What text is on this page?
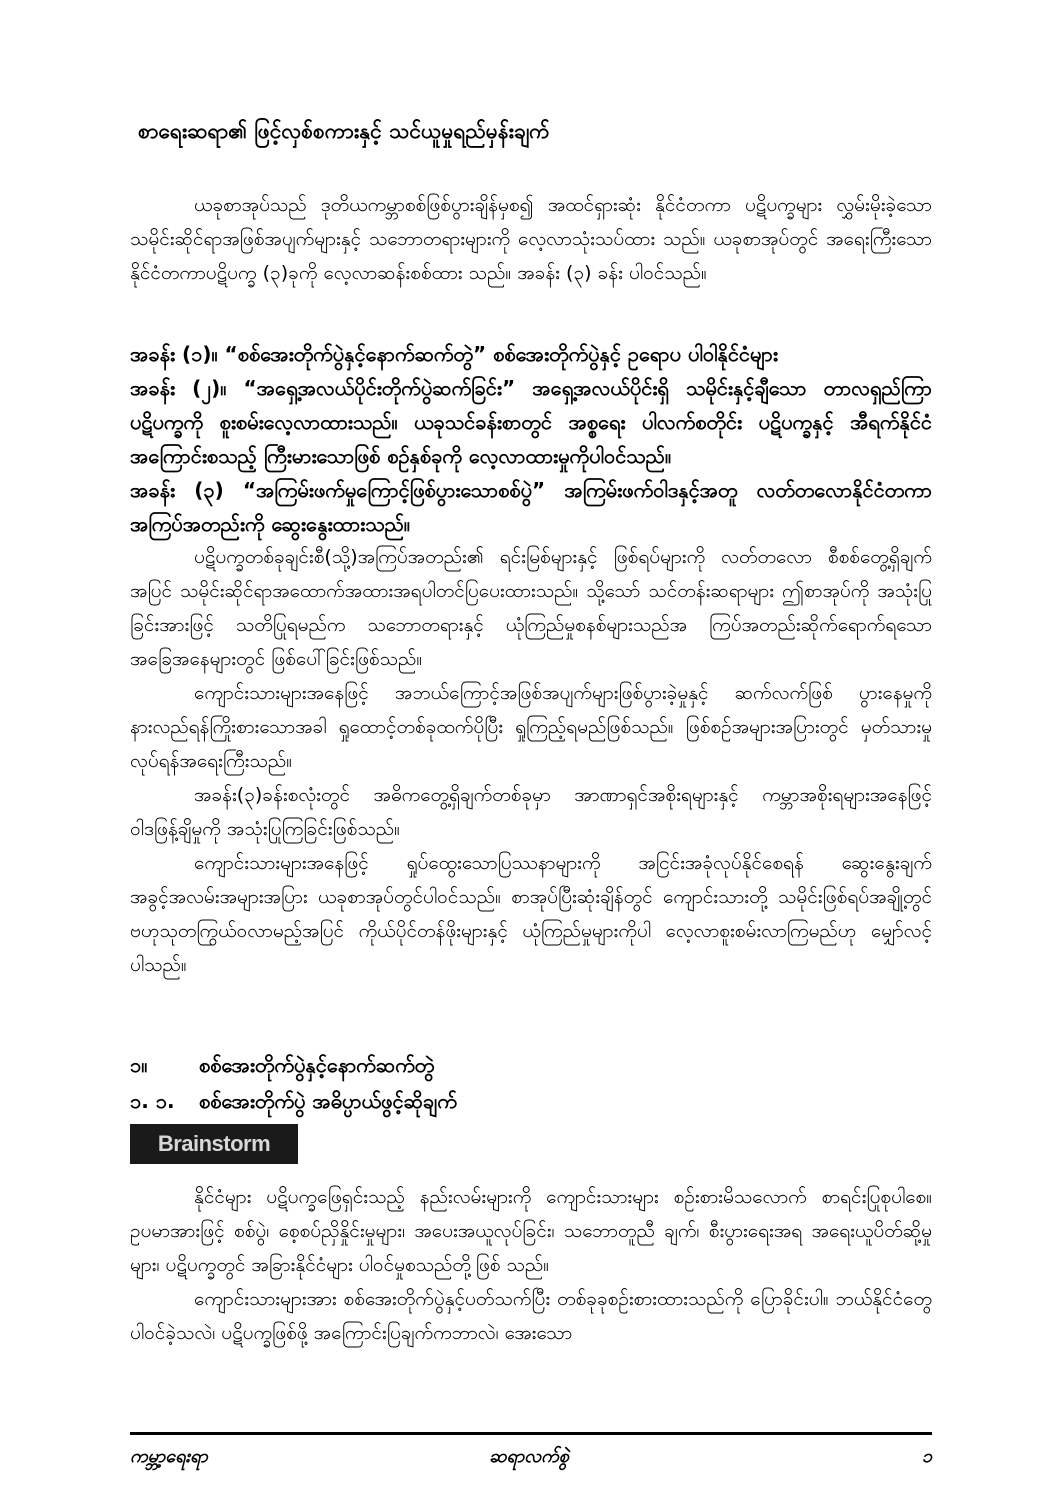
စာရေးဆရာ၏ ဖြင့်လှစ်စကားနှင့် သင်ယူမှုရည်မှန်းချက်

ယခုစာအုပ်သည် ဒုတိယကမ္ဘာစစ်ဖြစ်ပွားချိန်မှစ၍ အထင်ရှားဆုံး နိုင်ငံတကာ ပဋိပက္ခများ လွှမ်းမိုးခဲ့သော သမိုင်းဆိုင်ရာအဖြစ်အပျက်များနှင့် သဘောတရားများကို လေ့လာသုံးသပ်ထား သည်။ ယခုစာအုပ်တွင် အရေးကြီးသော နိုင်ငံတကာပဋိပက္ခ (၃)ခုကို လေ့လာဆန်းစစ်ထား သည်။ အခန်း (၃) ခန်း ပါဝင်သည်။

အခန်း (၁)။ “စစ်အေးတိုက်ပွဲနှင့်နောက်ဆက်တွဲ” စစ်အေးတိုက်ပွဲနှင့် ဥရောပ ပါဝါနိုင်ငံများ

အခန်း (၂)။ “အရှေ့အလယ်ပိုင်းတိုက်ပွဲဆက်ခြင်း” အရှေ့အလယ်ပိုင်းရှိ သမိုင်းနှင့်ချီသော တာလရှည်ကြာ ပဋိပက္ခကို စူးစမ်းလေ့လာထားသည်။ ယခုသင်ခန်းစာတွင် အစ္စရေး ပါလက်စတိုင်း ပဋိပက္ခနှင့် အီရက်နိုင်ငံအကြောင်းစသည့် ကြီးမားသောဖြစ် စဉ်နှစ်ခုကို လေ့လာထားမှုကိုပါဝင်သည်။

အခန်း (၃) “အကြမ်းဖက်မှုကြောင့်ဖြစ်ပွားသောစစ်ပွဲ” အကြမ်းဖက်ဝါဒနှင့်အတူ လတ်တလောနိုင်ငံတကာ အကြပ်အတည်းကို ဆွေးနွေးထားသည်။

ပဋိပက္ခတစ်ခုချင်းစီ(သို့)အကြပ်အတည်း၏ ရင်းမြစ်များနှင့် ဖြစ်ရပ်များကို လတ်တလော စီစစ်တွေ့ရှိချက်အပြင် သမိုင်းဆိုင်ရာအထောက်အထားအရပါတင်ပြပေးထားသည်။ သို့သော် သင်တန်းဆရာများ ဤစာအုပ်ကို အသုံးပြုခြင်းအားဖြင့် သတိပြုရမည်က သဘောတရားနှင့် ယုံကြည်မှုစနစ်များသည်အ ကြပ်အတည်းဆိုက်ရောက်ရသော အခြေအနေများတွင် ဖြစ်ပေါ်ခြင်းဖြစ်သည်။

ကျောင်းသားများအနေဖြင့် အဘယ်ကြောင့်အဖြစ်အပျက်များဖြစ်ပွားခဲ့မှုနှင့် ဆက်လက်ဖြစ် ပွားနေမှုကို နားလည်ရန်ကြိုးစားသောအခါ ရှုထောင့်တစ်ခုထက်ပိုပြီး ရှုကြည့်ရမည်ဖြစ်သည်။ ဖြစ်စဉ်အများအပြားတွင် မှတ်သားမှုလုပ်ရန်အရေးကြီးသည်။

အခန်း(၃)ခန်းစလုံးတွင် အဓိကတွေ့ရှိချက်တစ်ခုမှာ အာဏာရှင်အစိုးရများနှင့် ကမ္ဘာအစိုးရများအနေဖြင့် ဝါဒဖြန့်ချိမှုကို အသုံးပြုကြခြင်းဖြစ်သည်။

ကျောင်းသားများအနေဖြင့် ရှုပ်ထွေးသောပြဿနာများကို အငြင်းအခုံလုပ်နိုင်စေရန် ဆွေးနွေးချက် အခွင့်အလမ်းအများအပြား ယခုစာအုပ်တွင်ပါဝင်သည်။ စာအုပ်ပြီးဆုံးချိန်တွင် ကျောင်းသားတို့ သမိုင်းဖြစ်ရပ်အချို့တွင် ဗဟုသုတကြွယ်ဝလာမည့်အပြင် ကိုယ်ပိုင်တန်ဖိုးများနှင့် ယုံကြည်မှုများကိုပါ လေ့လာစူးစမ်းလာကြမည်ဟု မျှော်လင့်ပါသည်။

၁။	စစ်အေးတိုက်ပွဲနှင့်နောက်ဆက်တွဲ
၁. ၁. စစ်အေးတိုက်ပွဲ အဓိပ္ပာယ်ဖွင့်ဆိုချက်
Brainstorm

နိုင်ငံများ ပဋိပက္ခဖြေရှင်းသည့် နည်းလမ်းများကို ကျောင်းသားများ စဉ်းစားမိသလောက် စာရင်းပြုစုပါစေ။ ဥပမာအားဖြင့် စစ်ပွဲ၊ စေ့စပ်ညှိနှိုင်းမှုများ၊ အပေးအယူလုပ်ခြင်း၊ သဘောတူညီ ချက်၊ စီးပွားရေးအရ အရေးယူပိတ်ဆို့မှုများ၊ ပဋိပက္ခတွင် အခြားနိုင်ငံများ ပါဝင်မှုစသည်တို့ဖြစ် သည်။

ကျောင်းသားများအား စစ်အေးတိုက်ပွဲနှင့်ပတ်သက်ပြီး တစ်ခုခုစဉ်းစားထားသည်ကို ပြောခိုင်းပါ။ ဘယ်နိုင်ငံတွေပါဝင်ခဲ့သလဲ၊ ပဋိပက္ခဖြစ်ဖို့ အကြောင်းပြချက်ကဘာလဲ၊ အေးသော

ကမ္ဘာ့ရေးရာ	ဆရာလက်စွဲ	၁
